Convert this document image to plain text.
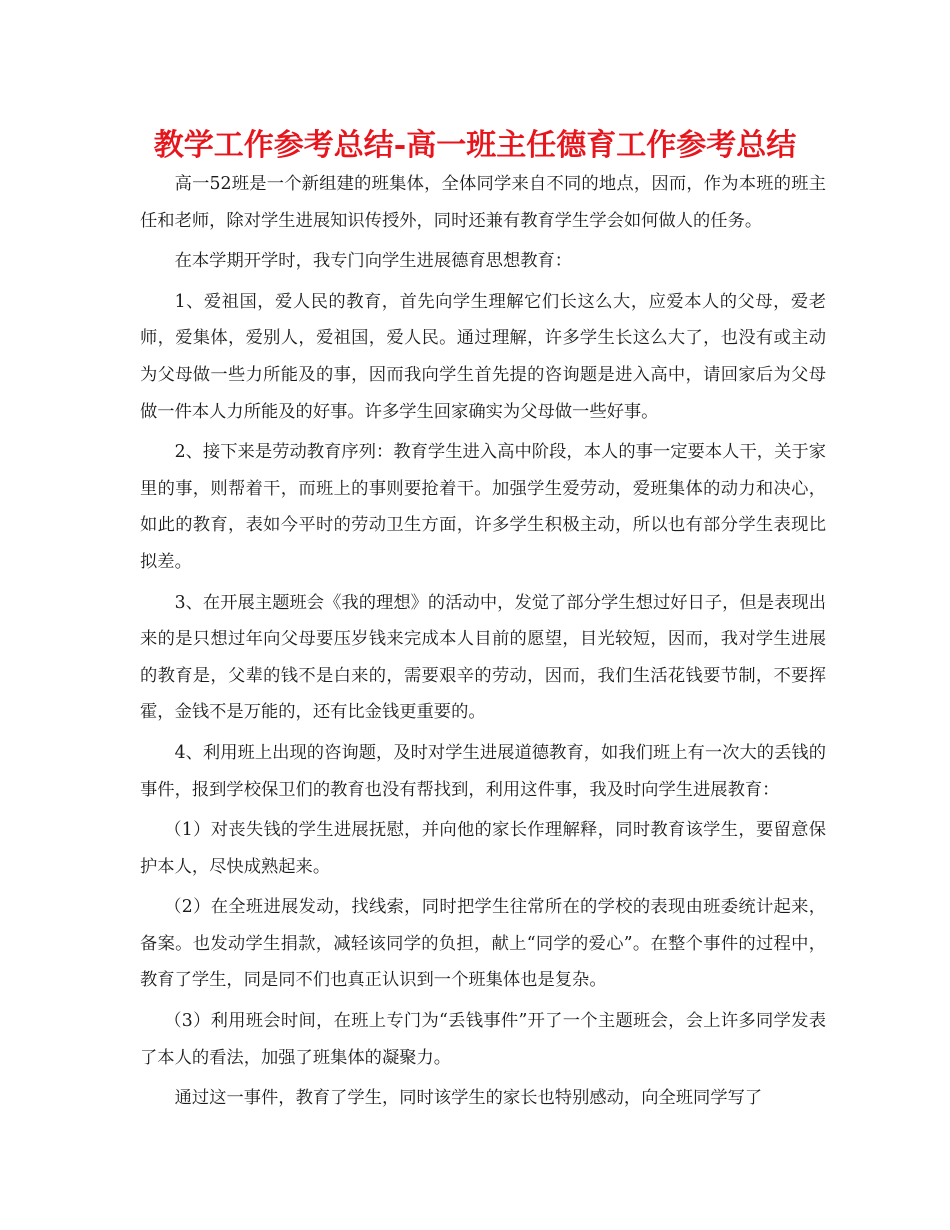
教学工作参考总结-高一班主任德育工作参考总结

高一52班是一个新组建的班集体，全体同学来自不同的地点，因而，作为本班的班主任和老师，除对学生进展知识传授外，同时还兼有教育学生学会如何做人的任务。

在本学期开学时，我专门向学生进展德育思想教育：

1、爱祖国，爱人民的教育，首先向学生理解它们长这么大，应爱本人的父母，爱老师，爱集体，爱别人，爱祖国，爱人民。通过理解，许多学生长这么大了，也没有或主动为父母做一些力所能及的事，因而我向学生首先提的咨询题是进入高中，请回家后为父母做一件本人力所能及的好事。许多学生回家确实为父母做一些好事。

2、接下来是劳动教育序列：教育学生进入高中阶段，本人的事一定要本人干，关于家里的事，则帮着干，而班上的事则要抢着干。加强学生爱劳动，爱班集体的动力和决心，如此的教育，表如今平时的劳动卫生方面，许多学生积极主动，所以也有部分学生表现比拟差。

3、在开展主题班会《我的理想》的活动中，发觉了部分学生想过好日子，但是表现出来的是只想过年向父母要压岁钱来完成本人目前的愿望，目光较短，因而，我对学生进展的教育是，父辈的钱不是白来的，需要艰辛的劳动，因而，我们生活花钱要节制，不要挥霍，金钱不是万能的，还有比金钱更重要的。

4、利用班上出现的咨询题，及时对学生进展道德教育，如我们班上有一次大的丢钱的事件，报到学校保卫们的教育也没有帮找到，利用这件事，我及时向学生进展教育：

（1）对丧失钱的学生进展抚慰，并向他的家长作理解释，同时教育该学生，要留意保护本人，尽快成熟起来。

（2）在全班进展发动，找线索，同时把学生往常所在的学校的表现由班委统计起来，备案。也发动学生捐款，减轻该同学的负担，献上“同学的爱心”。在整个事件的过程中，教育了学生，同是同不们也真正认识到一个班集体也是复杂。

（3）利用班会时间，在班上专门为“丢钱事件”开了一个主题班会，会上许多同学发表了本人的看法，加强了班集体的凝聚力。

通过这一事件，教育了学生，同时该学生的家长也特别感动，向全班同学写了
